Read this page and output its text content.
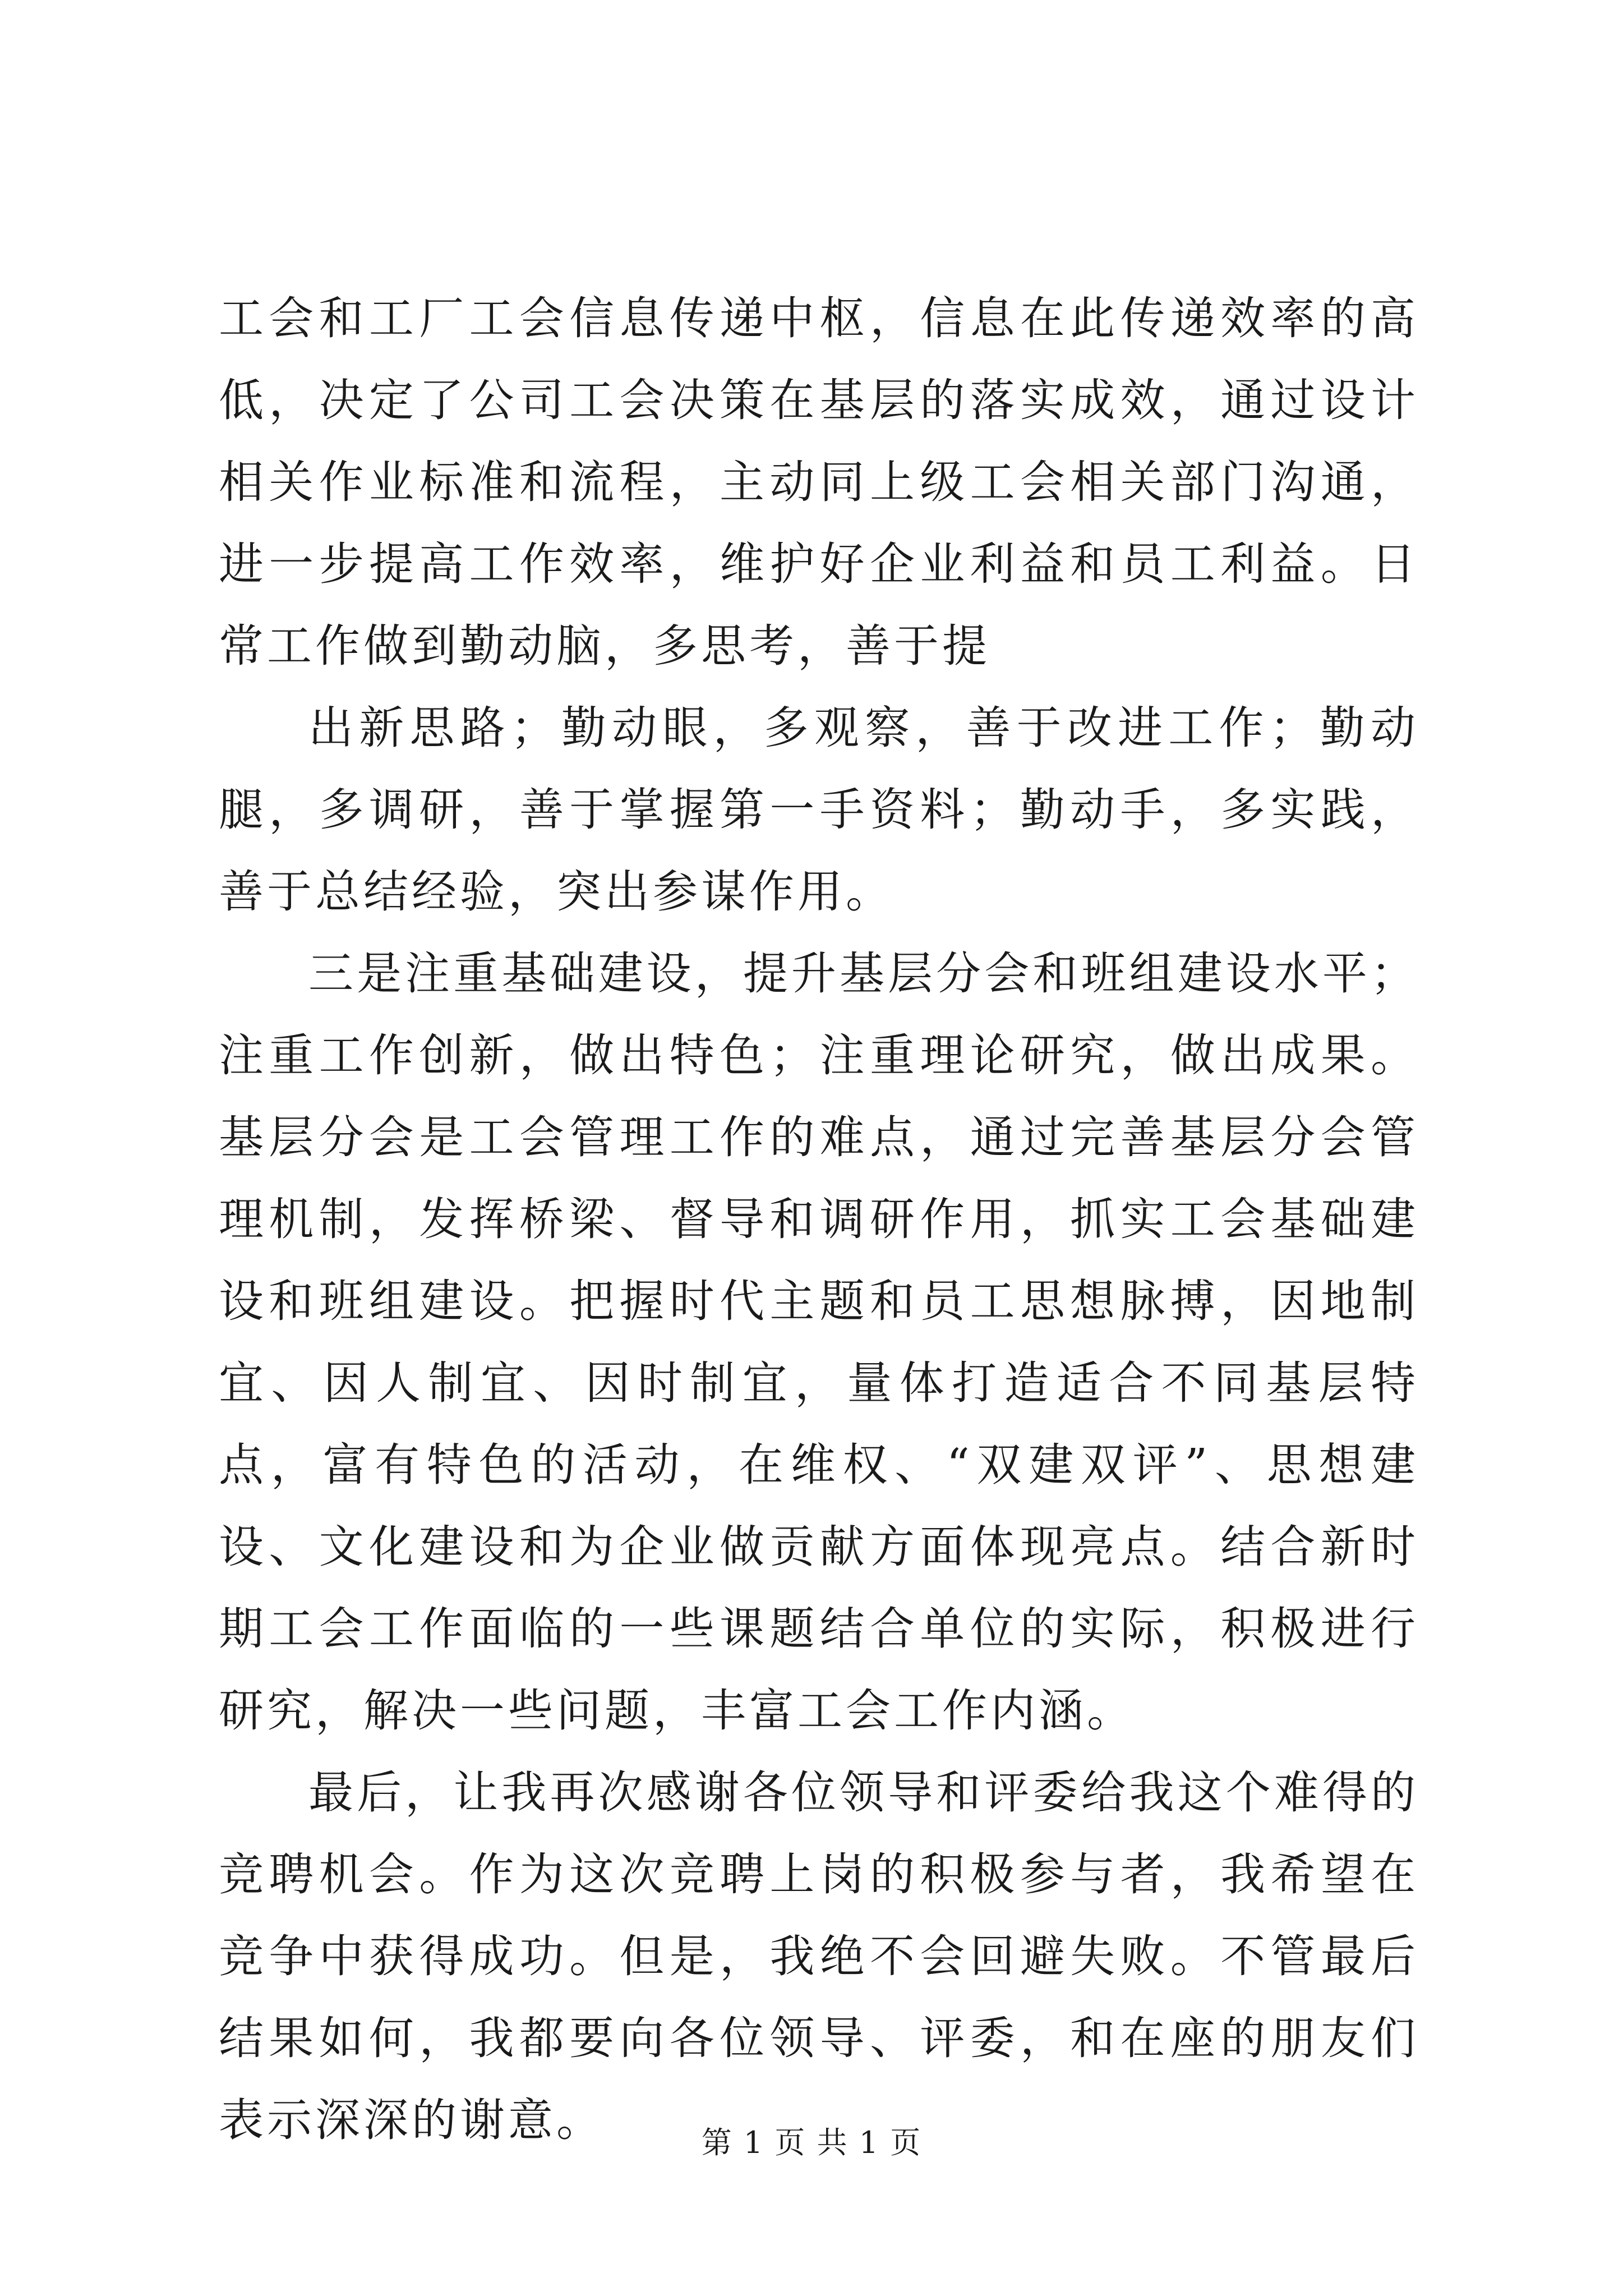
工会和工厂工会信息传递中枢，信息在此传递效率的高低，决定了公司工会决策在基层的落实成效，通过设计相关作业标准和流程，主动同上级工会相关部门沟通，进一步提高工作效率，维护好企业利益和员工利益。日常工作做到勤动脑，多思考，善于提

出新思路；勤动眼，多观察，善于改进工作；勤动腿，多调研，善于掌握第一手资料；勤动手，多实践，善于总结经验，突出参谋作用。

三是注重基础建设，提升基层分会和班组建设水平；注重工作创新，做出特色；注重理论研究，做出成果。基层分会是工会管理工作的难点，通过完善基层分会管理机制，发挥桥梁、督导和调研作用，抓实工会基础建设和班组建设。把握时代主题和员工思想脉搏，因地制宜、因人制宜、因时制宜，量体打造适合不同基层特点，富有特色的活动，在维权、“双建双评”、思想建设、文化建设和为企业做贡献方面体现亮点。结合新时期工会工作面临的一些课题结合单位的实际，积极进行研究，解决一些问题，丰富工会工作内涵。

最后，让我再次感谢各位领导和评委给我这个难得的竞聘机会。作为这次竞聘上岗的积极参与者，我希望在竞争中获得成功。但是，我绝不会回避失败。不管最后结果如何，我都要向各位领导、评委，和在座的朋友们表示深深的谢意。	第 1 页 共 1 页
